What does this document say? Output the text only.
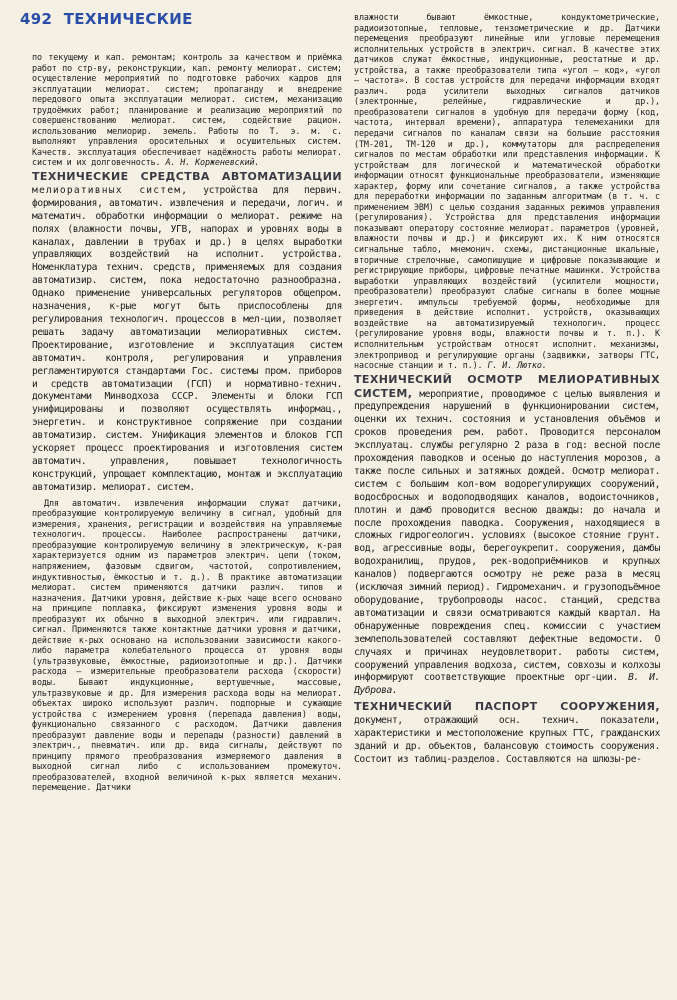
492 ТЕХНИЧЕСКИЕ

по текущему и кап. ремонтам; контроль за качеством и приёмка работ по стр-ву, реконструкции, кап. ремонту мелиорат. систем; осуществление мероприятий по подготовке рабочих кадров для эксплуатации мелиорат. систем; пропаганду и внедрение передового опыта эксплуатации мелиорат. систем, механизацию трудоёмких работ; планирование и реализацию мероприятий по совершенствованию мелиорат. систем, содействие рацион. использованию мелиорир. земель. Работы по Т. э. м. с. выполняют управления оросительных и осушительных систем. Качеств. эксплуатация обеспечивает надёжность работы мелиорат. систем и их долговечность. А. Н. Корженевский.

ТЕХНИЧЕСКИЕ СРЕДСТВА АВТОМАТИЗАЦИИ мелиоративных систем, устройства для первич. формирования, автоматич. извлечения и передачи, логич. и математич. обработки информации о мелиорат. режиме на полях (влажности почвы, УГВ, напорах и уровнях воды в каналах, давлении в трубах и др.) в целях выработки управляющих воздействий на исполнит. устройства. Номенклатура технич. средств, применяемых для создания автоматизир. систем, пока недостаточно разнообразна. Однако применение универсальных регуляторов общепром. назначения, к-рые могут быть приспособлены для регулирования технологич. процессов в мел-ции, позволяет решать задачу автоматизации мелиоративных систем. Проектирование, изготовление и эксплуатация систем автоматич. контроля, регулирования и управления регламентируются стандартами Гос. системы пром. приборов и средств автоматизации (ГСП) и нормативно-технич. документами Минводхоза СССР. Элементы и блоки ГСП унифицированы и позволяют осуществлять информац., энергетич. и конструктивное сопряжение при создании автоматизир. систем. Унификация элементов и блоков ГСП ускоряет процесс проектирования и изготовления систем автоматич. управления, повышает технологичность конструкций, упрощает комплектацию, монтаж и эксплуатацию автоматизир. мелиорат. систем.

Для автоматич. извлечения информации служат датчики, преобразующие контролируемую величину в сигнал, удобный для измерения, хранения, регистрации и воздействия на управляемые технологич. процессы. Наиболее распространены датчики, преобразующие контролируемую величину в электрическую, к-рая характеризуется одним из параметров электрич. цепи (током, напряжением, фазовым сдвигом, частотой, сопротивлением, индуктивностью, ёмкостью и т. д.). В практике автоматизации мелиорат. систем применяются датчики различ. типов и назначения. Датчики уровня, действие к-рых чаще всего основано на принципе поплавка, фиксируют изменения уровня воды и преобразуют их обычно в выходной электрич. или гидравлич. сигнал. Применяются также контактные датчики уровня и датчики, действие к-рых основано на использовании зависимости какого-либо параметра колебательного процесса от уровня воды (ультразвуковые, ёмкостные, радиоизотопные и др.). Датчики расхода — измерительные преобразователи расхода (скорости) воды. Бывают индукционные, вертушечные, массовые, ультразвуковые и др. Для измерения расхода воды на мелиорат. объектах широко используют различ. подпорные и сужающие устройства с измерением уровня (перепада давления) воды, функционально связанного с расходом. Датчики давления преобразуют давление воды и перепады (разности) давлений в электрич., пневматич. или др. вида сигналы, действуют по принципу прямого преобразования измеряемого давления в выходной сигнал либо с использованием промежуточ. преобразователей, входной величиной к-рых является механич. перемещение. Датчики

влажности бывают ёмкостные, кондуктометрические, радиоизотопные, тепловые, тензометрические и др. Датчики перемещения преобразуют линейные или угловые перемещения исполнительных устройств в электрич. сигнал. В качестве этих датчиков служат ёмкостные, индукционные, реостатные и др. устройства, а также преобразователи типа «угол — код», «угол — частота». В состав устройств для передачи информации входят различ. рода усилители выходных сигналов датчиков (электронные, релейные, гидравлические и др.), преобразователи сигналов в удобную для передачи форму (код, частота, интервал времени), аппаратура телемеханики для передачи сигналов по каналам связи на большие расстояния (ТМ-201, ТМ-120 и др.), коммутаторы для распределения сигналов по местам обработки или представления информации. К устройствам для логической и математической обработки информации относят функциональные преобразователи, изменяющие характер, форму или сочетание сигналов, а также устройства для переработки информации по заданным алгоритмам (в т. ч. с применением ЭВМ) с целью создания заданных режимов управления (регулирования). Устройства для представления информации показывают оператору состояние мелиорат. параметров (уровней, влажности почвы и др.) и фиксируют их. К ним относятся сигнальные табло, мнемонич. схемы, дистанционные шкальные, вторичные стрелочные, самопишущие и цифровые показывающие и регистрирующие приборы, цифровые печатные машинки. Устройства выработки управляющих воздействий (усилители мощности, преобразователи) преобразуют слабые сигналы в более мощные энергетич. импульсы требуемой формы, необходимые для приведения в действие исполнит. устройств, оказывающих воздействие на автоматизируемый технологич. процесс (регулирование уровня воды, влажности почвы и т. п.). К исполнительным устройствам относят исполнит. механизмы, электропривод и регулирующие органы (задвижки, затворы ГТС, насосные станции и т. п.). Г. И. Лютко.

ТЕХНИЧЕСКИЙ ОСМОТР МЕЛИОРАТИВНЫХ СИСТЕМ, мероприятие, проводимое с целью выявления и предупреждения нарушений в функционировании систем, оценки их технич. состояния и установления объёмов и сроков проведения рем. работ. Проводится персоналом эксплуатац. службы регулярно 2 раза в год: весной после прохождения паводков и осенью до наступления морозов, а также после сильных и затяжных дождей. Осмотр мелиорат. систем с большим кол-вом водорегулирующих сооружений, водосбросных и водоподводящих каналов, водоисточников, плотин и дамб проводится весною дважды: до начала и после прохождения паводка. Сооружения, находящиеся в сложных гидрогеологич. условиях (высокое стояние грунт. вод, агрессивные воды, берегоукрепит. сооружения, дамбы водохранилищ, прудов, рек-водоприёмников и крупных каналов) подвергаются осмотру не реже раза в месяц (исключая зимний период). Гидромеханич. и грузоподъёмное оборудование, трубопроводы насос. станций, средства автоматизации и связи осматриваются каждый квартал. На обнаруженные повреждения спец. комиссии с участием землепользователей составляют дефектные ведомости. О случаях и причинах неудовлетворит. работы систем, сооружений управления водхоза, систем, совхозы и колхозы информируют соответствующие проектные орг-ции. В. И. Дуброва.

ТЕХНИЧЕСКИЙ ПАСПОРТ СООРУЖЕНИЯ, документ, отражающий осн. технич. показатели, характеристики и местоположение крупных ГТС, гражданских зданий и др. объектов, балансовую стоимость сооружения. Состоит из таблиц-разделов. Составляются на шлюзы-ре-
